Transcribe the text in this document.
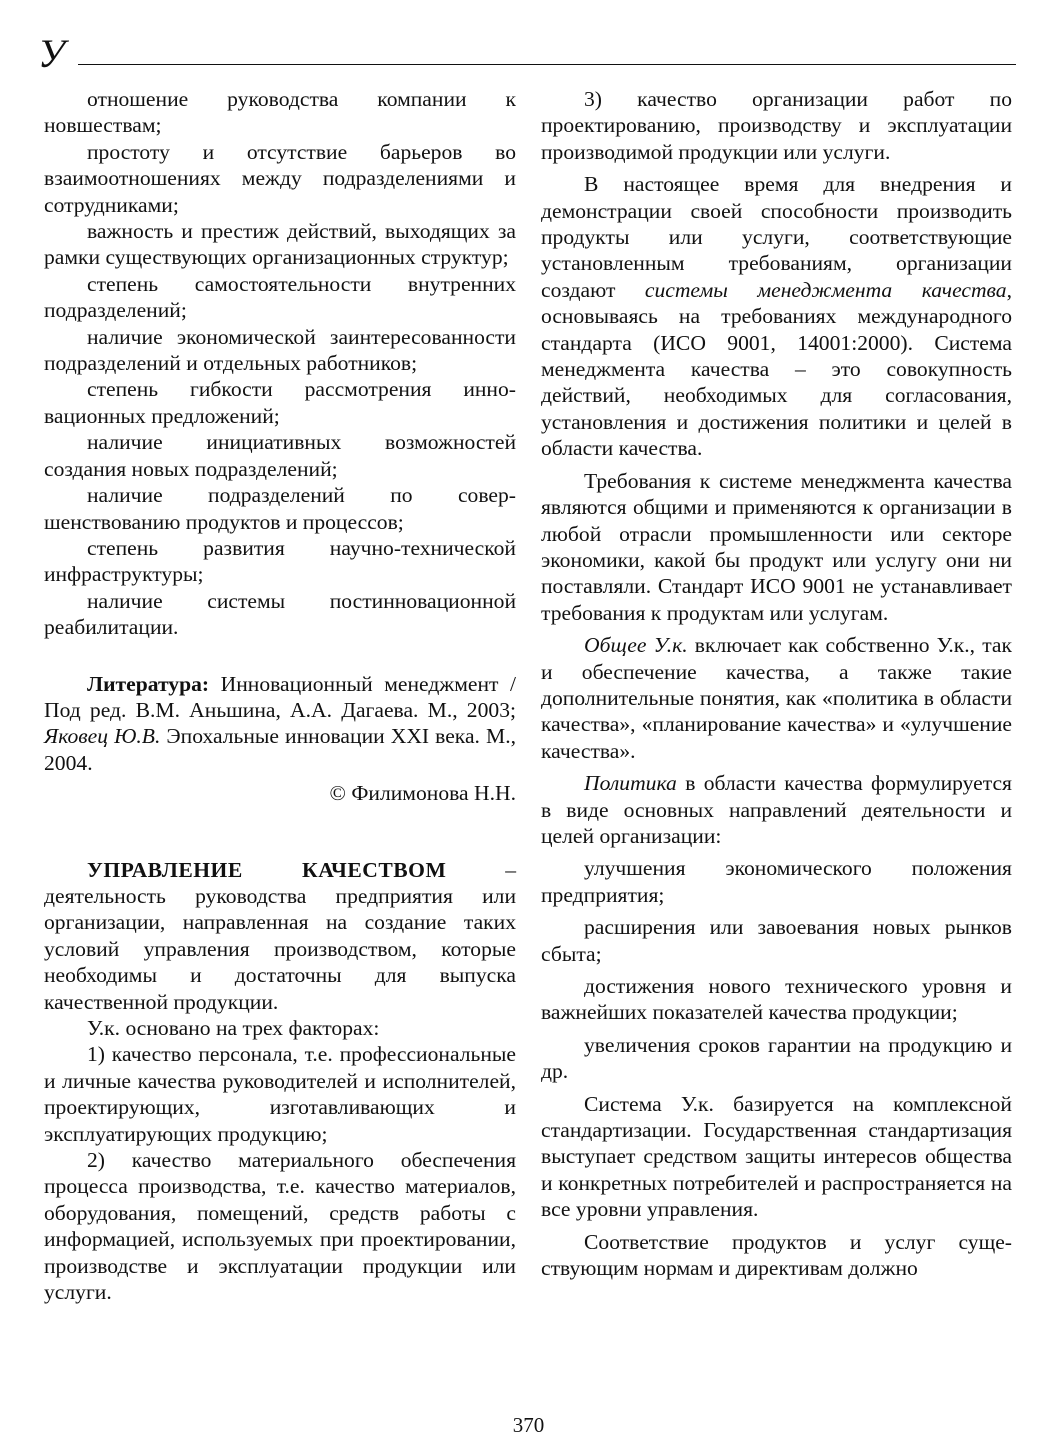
У

отношение руководства компании к новшествам;

простоту и отсутствие барьеров во взаимоотношениях между подразделениями и сотрудниками;

важность и престиж действий, выходящих за рамки существующих организационных структур;

степень самостоятельности внутренних подразделений;

наличие экономической заинтересованности подразделений и отдельных работников;

степень гибкости рассмотрения инновационных предложений;

наличие инициативных возможностей создания новых подразделений;

наличие подразделений по совершенствованию продуктов и процессов;

степень развития научно-технической инфраструктуры;

наличие системы постинновационной реабилитации.

Литература: Инновационный менеджмент / Под ред. В.М. Аньшина, А.А. Дагаева. М., 2003; Яковец Ю.В. Эпохальные инновации XXI века. М., 2004.

© Филимонова Н.Н.

УПРАВЛЕНИЕ КАЧЕСТВОМ – деятельность руководства предприятия или организации, направленная на создание таких условий управления производством, которые необходимы и достаточны для выпуска качественной продукции.

У.к. основано на трех факторах:

1) качество персонала, т.е. профессиональные и личные качества руководителей и исполнителей, проектирующих, изготавливающих и эксплуатирующих продукцию;

2) качество материального обеспечения процесса производства, т.е. качество материалов, оборудования, помещений, средств работы с информацией, используемых при проектировании, производстве и эксплуатации продукции или услуги.

3) качество организации работ по проектированию, производству и эксплуатации производимой продукции или услуги.

В настоящее время для внедрения и демонстрации своей способности производить продукты или услуги, соответствующие установленным требованиям, организации создают системы менеджмента качества, основываясь на требованиях международного стандарта (ИСО 9001, 14001:2000). Система менеджмента качества – это совокупность действий, необходимых для согласования, установления и достижения политики и целей в области качества.

Требования к системе менеджмента качества являются общими и применяются к организации в любой отрасли промышленности или секторе экономики, какой бы продукт или услугу они ни поставляли. Стандарт ИСО 9001 не устанавливает требования к продуктам или услугам.

Общее У.к. включает как собственно У.к., так и обеспечение качества, а также такие дополнительные понятия, как «политика в области качества», «планирование качества» и «улучшение качества».

Политика в области качества формулируется в виде основных направлений деятельности и целей организации:

улучшения экономического положения предприятия;

расширения или завоевания новых рынков сбыта;

достижения нового технического уровня и важнейших показателей качества продукции;

увеличения сроков гарантии на продукцию и др.

Система У.к. базируется на комплексной стандартизации. Государственная стандартизация выступает средством защиты интересов общества и конкретных потребителей и распространяется на все уровни управления.

Соответствие продуктов и услуг существующим нормам и директивам должно

370
